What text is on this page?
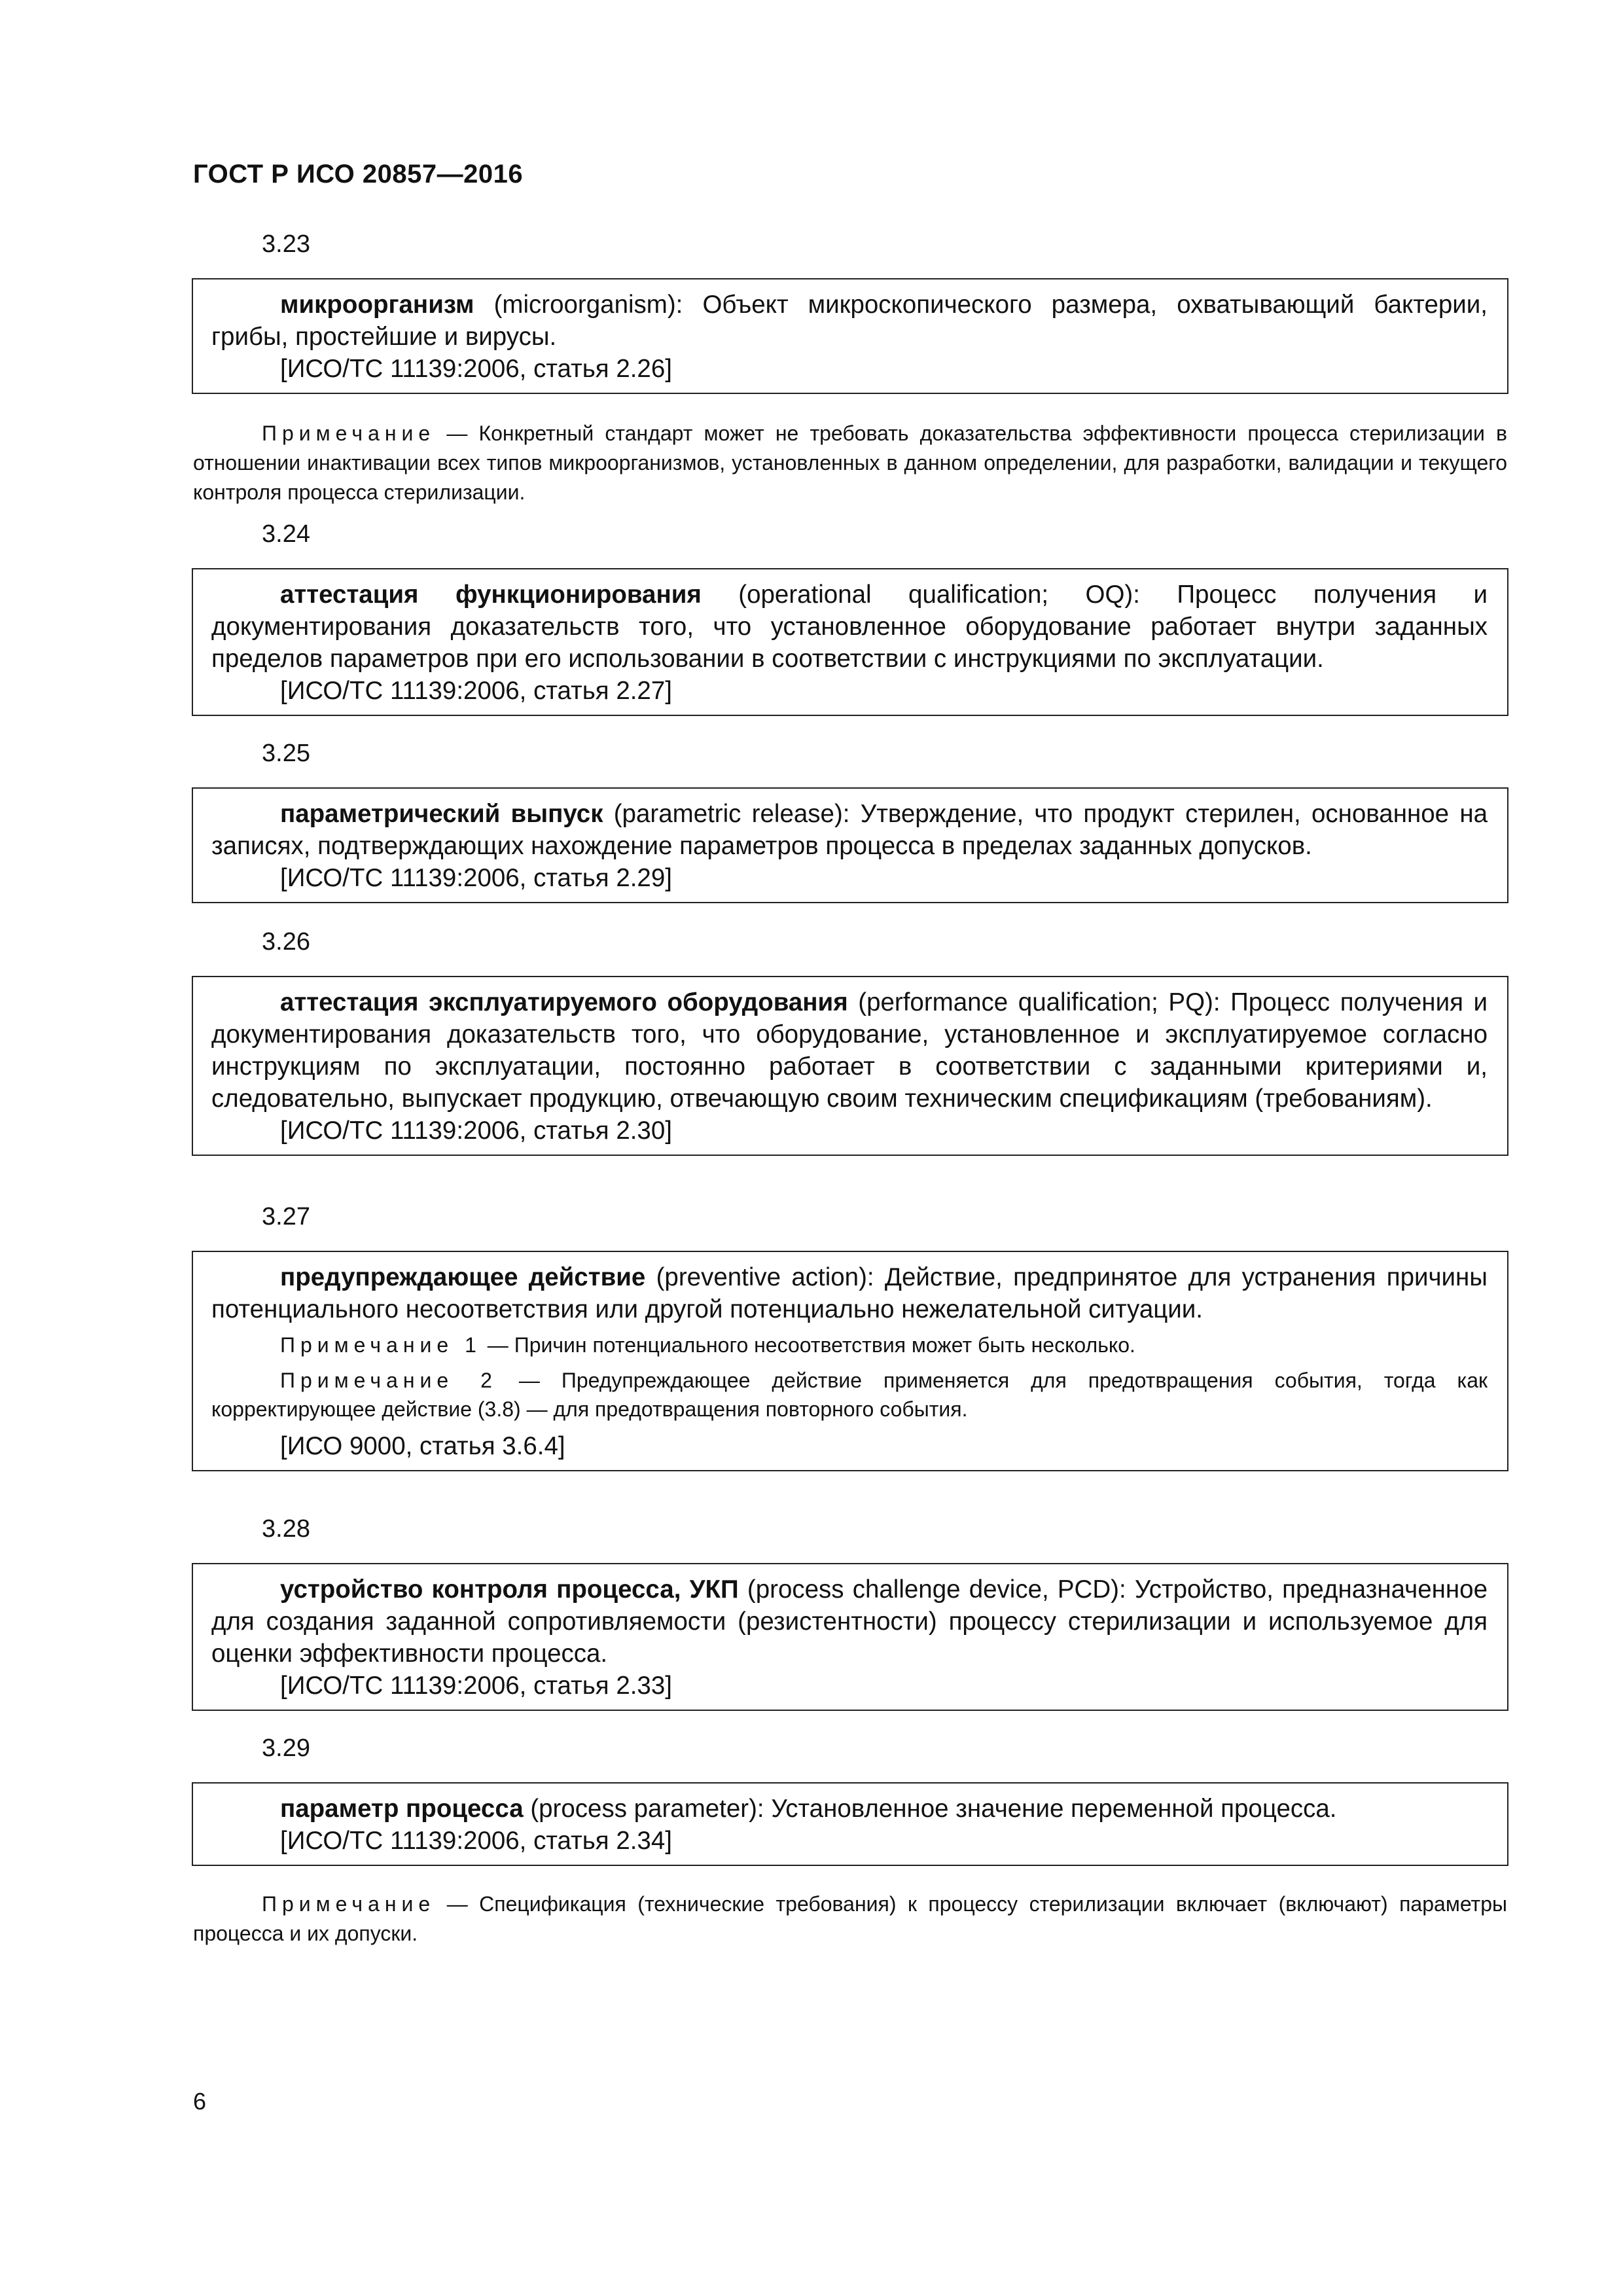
ГОСТ Р ИСО 20857—2016
3.23

микроорганизм (microorganism): Объект микроскопического размера, охватывающий бактерии, грибы, простейшие и вирусы.

[ИСО/ТС 11139:2006, статья 2.26]

Примечание — Конкретный стандарт может не требовать доказательства эффективности процесса стерилизации в отношении инактивации всех типов микроорганизмов, установленных в данном определении, для разработки, валидации и текущего контроля процесса стерилизации.

3.24

аттестация функционирования (operational qualification; OQ): Процесс получения и документирования доказательств того, что установленное оборудование работает внутри заданных пределов параметров при его использовании в соответствии с инструкциями по эксплуатации.

[ИСО/ТС 11139:2006, статья 2.27]

3.25

параметрический выпуск (parametric release): Утверждение, что продукт стерилен, основанное на записях, подтверждающих нахождение параметров процесса в пределах заданных допусков.

[ИСО/ТС 11139:2006, статья 2.29]

3.26

аттестация эксплуатируемого оборудования (performance qualification; PQ): Процесс получения и документирования доказательств того, что оборудование, установленное и эксплуатируемое согласно инструкциям по эксплуатации, постоянно работает в соответствии с заданными критериями и, следовательно, выпускает продукцию, отвечающую своим техническим спецификациям (требованиям).

[ИСО/ТС 11139:2006, статья 2.30]

3.27

предупреждающее действие (preventive action): Действие, предпринятое для устранения причины потенциального несоответствия или другой потенциально нежелательной ситуации.

Примечание 1 — Причин потенциального несоответствия может быть несколько.

Примечание 2 — Предупреждающее действие применяется для предотвращения события, тогда как корректирующее действие (3.8) — для предотвращения повторного события.

[ИСО 9000, статья 3.6.4]

3.28

устройство контроля процесса, УКП (process challenge device, PCD): Устройство, предназначенное для создания заданной сопротивляемости (резистентности) процессу стерилизации и используемое для оценки эффективности процесса.

[ИСО/ТС 11139:2006, статья 2.33]

3.29

параметр процесса (process parameter): Установленное значение переменной процесса.

[ИСО/ТС 11139:2006, статья 2.34]

Примечание — Спецификация (технические требования) к процессу стерилизации включает (включают) параметры процесса и их допуски.

6
